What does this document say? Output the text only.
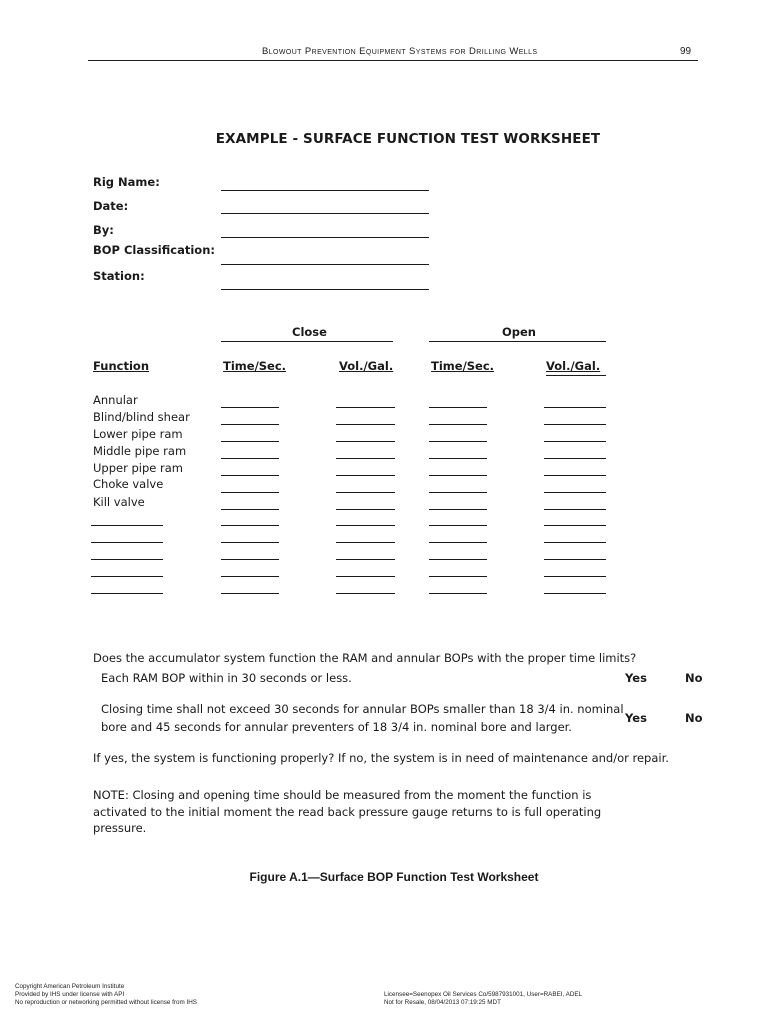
Blowout Prevention Equipment Systems for Drilling Wells	99
EXAMPLE - SURFACE FUNCTION TEST WORKSHEET
Rig Name:
Date:
By:
BOP Classification:
Station:
Close	Open
Function	Time/Sec.	Vol./Gal.	Time/Sec.	Vol./Gal.
Annular
Blind/blind shear
Lower pipe ram
Middle pipe ram
Upper pipe ram
Choke valve
Kill valve
Does the accumulator system function the RAM and annular BOPs with the proper time limits?
Each RAM BOP within in 30 seconds or less.	Yes	No
Closing time shall not exceed 30 seconds for annular BOPs smaller than 18 3/4 in. nominal
bore and 45 seconds for annular preventers of 18 3/4 in. nominal bore and larger.
Yes	No
If yes, the system is functioning properly? If no, the system is in need of maintenance and/or repair.
NOTE: Closing and opening time should be measured from the moment the function is
activated to the initial moment the read back pressure gauge returns to is full operating
pressure.
Figure A.1—Surface BOP Function Test Worksheet
Copyright American Petroleum Institute
Provided by IHS under license with API
No reproduction or networking permitted without license from IHS
Licensee=Seenopex Oil Services Co/5987931001, User=RABEI, ADEL
Not for Resale, 08/04/2013 07:19:25 MDT
